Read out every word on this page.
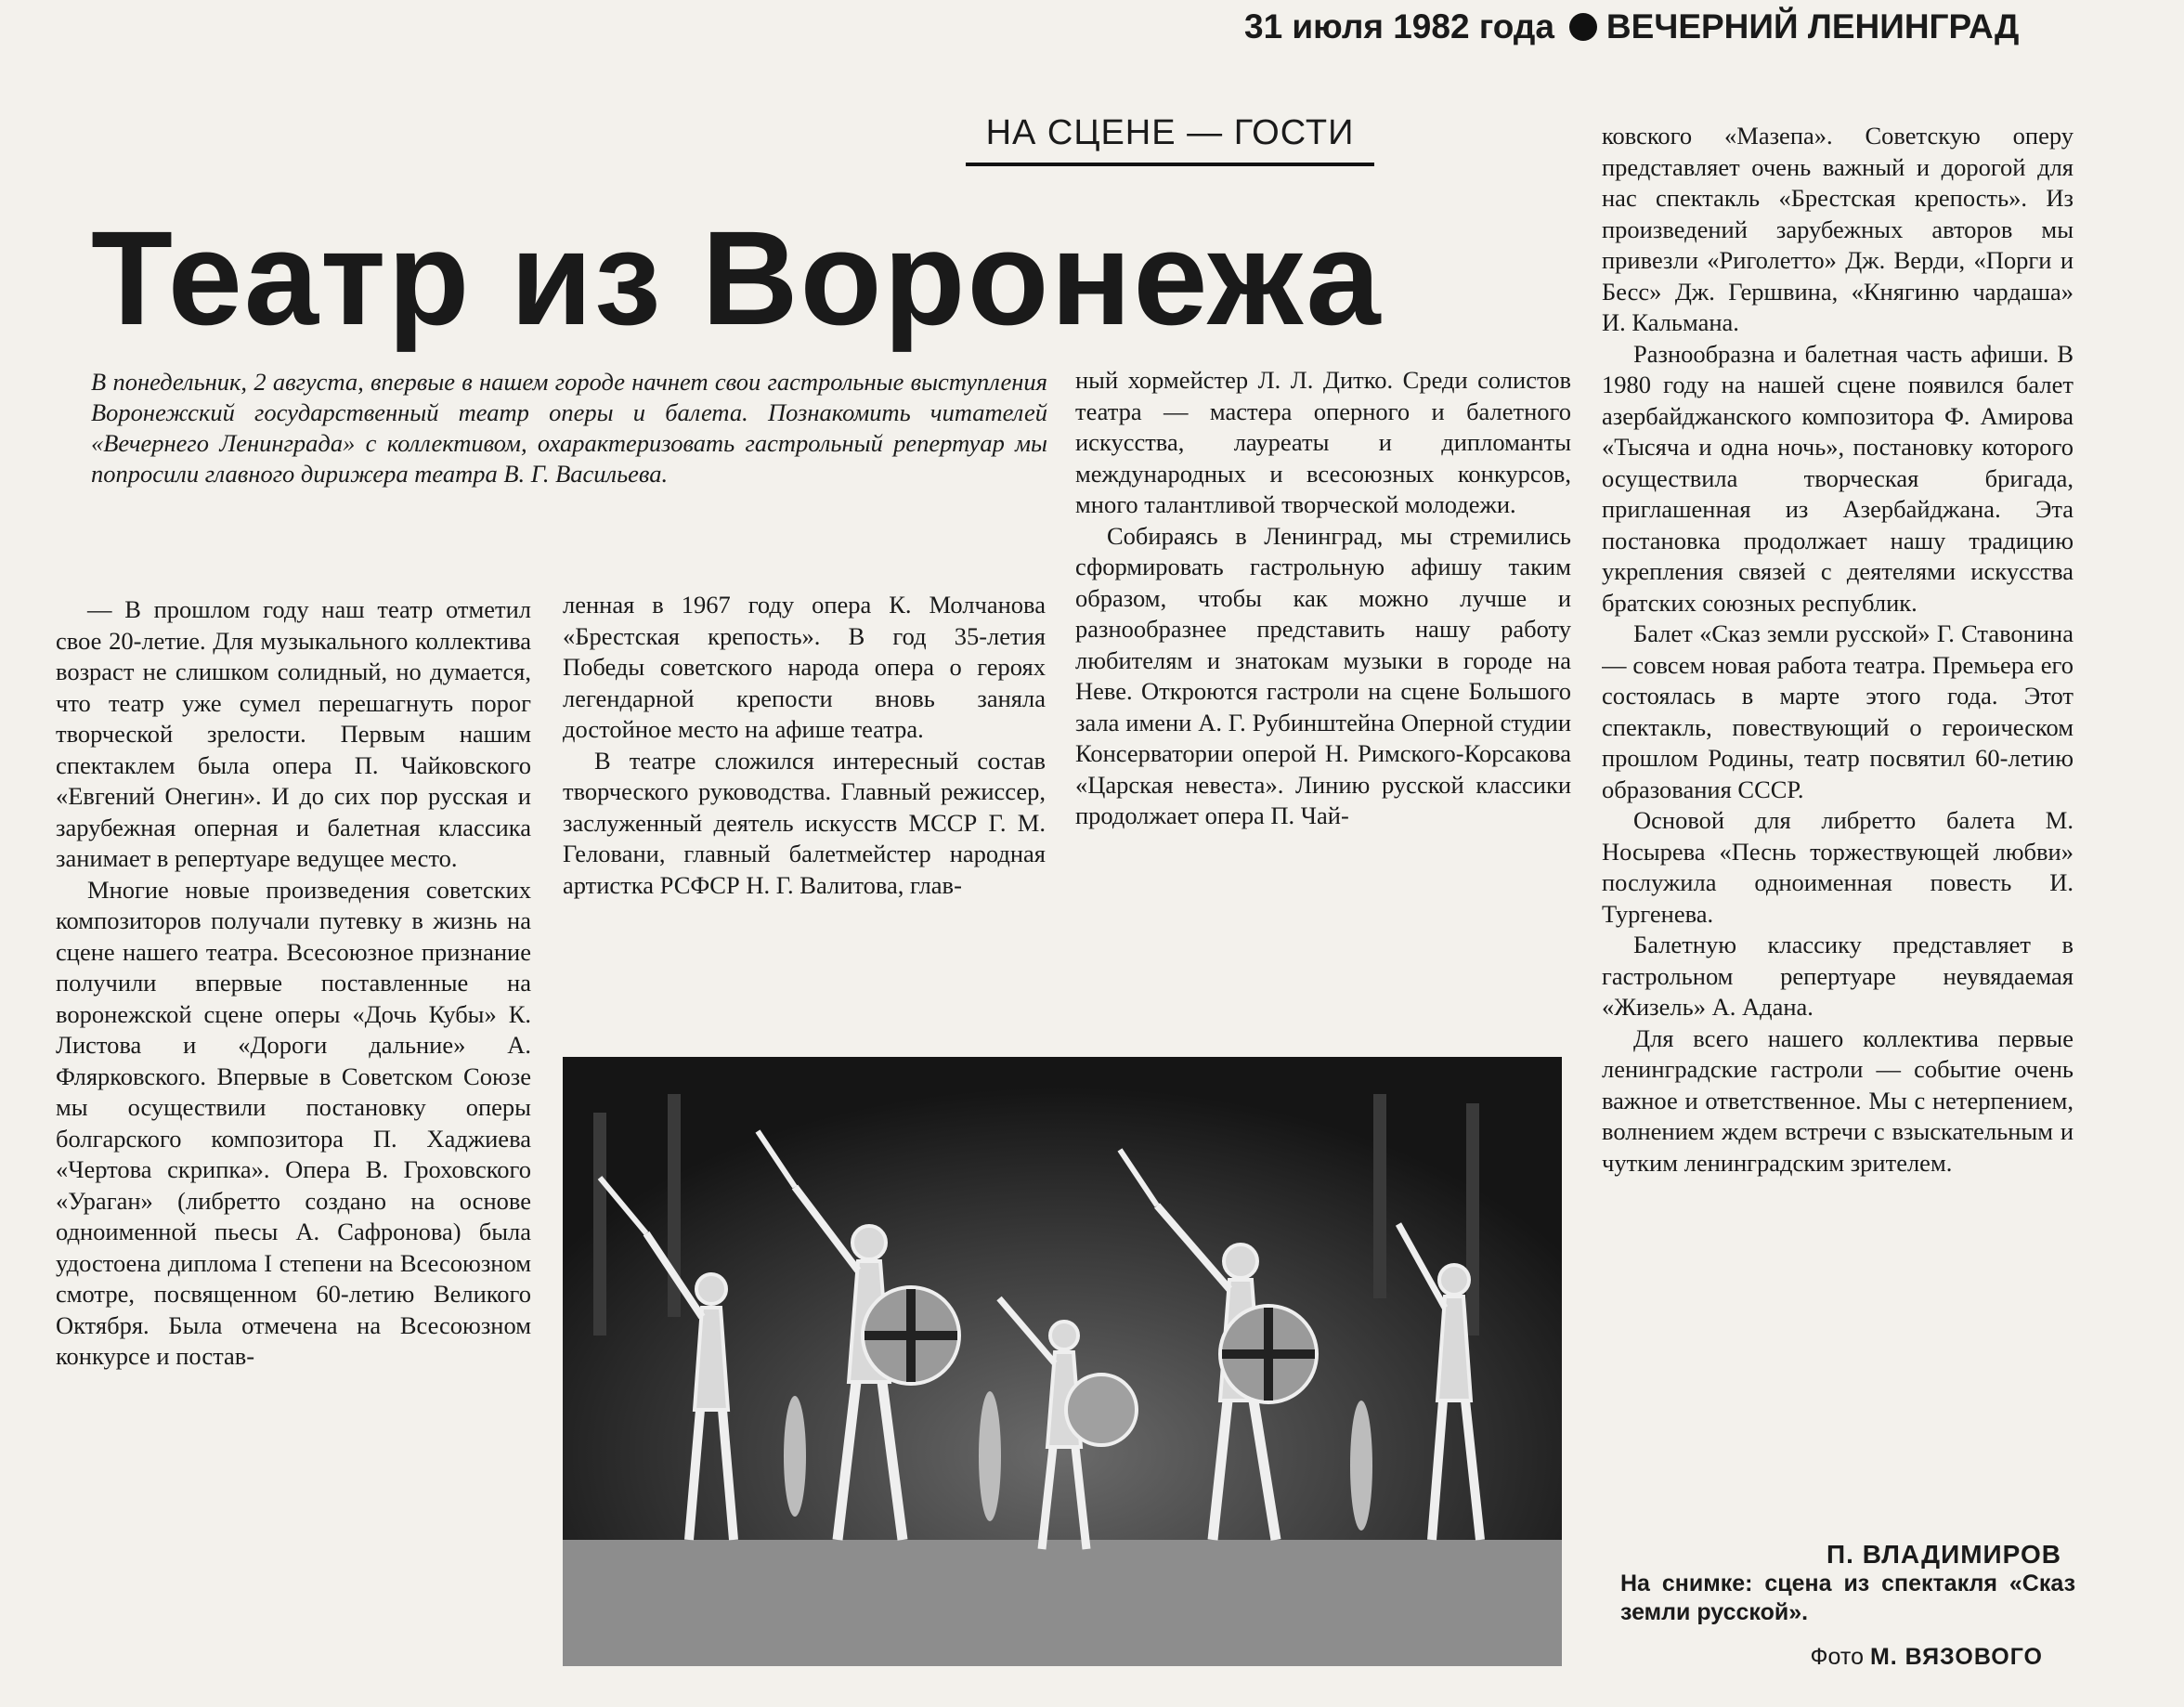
31 июля 1982 года ВЕЧЕРНИЙ ЛЕНИНГРАД
НА СЦЕНЕ — ГОСТИ
Театр из Воронежа
В понедельник, 2 августа, впервые в нашем городе начнет свои гастрольные выступления Воронежский государственный театр оперы и балета. Познакомить читателей «Вечернего Ленинграда» с коллективом, охарактеризовать гастрольный репертуар мы попросили главного дирижера театра В. Г. Васильева.

— В прошлом году наш театр отметил свое 20-летие. Для музыкального коллектива возраст не слишком солидный, но думается, что театр уже сумел перешагнуть порог творческой зрелости. Первым нашим спектаклем была опера П. Чайковского «Евгений Онегин». И до сих пор русская и зарубежная оперная и балетная классика занимает в репертуаре ведущее место.

Многие новые произведения советских композиторов получали путевку в жизнь на сцене нашего театра. Всесоюзное признание получили впервые поставленные на воронежской сцене оперы «Дочь Кубы» К. Листова и «Дороги дальние» А. Флярковского. Впервые в Советском Союзе мы осуществили постановку оперы болгарского композитора П. Хаджиева «Чертова скрипка». Опера В. Гроховского «Ураган» (либретто создано на основе одноименной пьесы А. Сафронова) была удостоена диплома I степени на Всесоюзном смотре, посвященном 60-летию Великого Октября. Была отмечена на Всесоюзном конкурсе и постав-

ленная в 1967 году опера К. Молчанова «Брестская крепость». В год 35-летия Победы советского народа опера о героях легендарной крепости вновь заняла достойное место на афише театра.

В театре сложился интересный состав творческого руководства. Главный режиссер, заслуженный деятель искусств МССР Г. М. Геловани, главный балетмейстер народная артистка РСФСР Н. Г. Валитова, глав-

ный хормейстер Л. Л. Дитко. Среди солистов театра — мастера оперного и балетного искусства, лауреаты и дипломанты международных и всесоюзных конкурсов, много талантливой творческой молодежи.

Собираясь в Ленинград, мы стремились сформировать гастрольную афишу таким образом, чтобы как можно лучше и разнообразнее представить нашу работу любителям и знатокам музыки в городе на Неве. Откроются гастроли на сцене Большого зала имени А. Г. Рубинштейна Оперной студии Консерватории оперой Н. Римского-Корсакова «Царская невеста». Линию русской классики продолжает опера П. Чай-

ковского «Мазепа». Советскую оперу представляет очень важный и дорогой для нас спектакль «Брестская крепость». Из произведений зарубежных авторов мы привезли «Риголетто» Дж. Верди, «Порги и Бесс» Дж. Гершвина, «Княгиню чардаша» И. Кальмана.

Разнообразна и балетная часть афиши. В 1980 году на нашей сцене появился балет азербайджанского композитора Ф. Амирова «Тысяча и одна ночь», постановку которого осуществила творческая бригада, приглашенная из Азербайджана. Эта постановка продолжает нашу традицию укрепления связей с деятелями искусства братских союзных республик.

Балет «Сказ земли русской» Г. Ставонина — совсем новая работа театра. Премьера его состоялась в марте этого года. Этот спектакль, повествующий о героическом прошлом Родины, театр посвятил 60-летию образования СССР.

Основой для либретто балета М. Носырева «Песнь торжествующей любви» послужила одноименная повесть И. Тургенева.

Балетную классику представляет в гастрольном репертуаре неувядаемая «Жизель» А. Адана.

Для всего нашего коллектива первые ленинградские гастроли — событие очень важное и ответственное. Мы с нетерпением, волнением ждем встречи с взыскательным и чутким ленинградским зрителем.

П. ВЛАДИМИРОВ
На снимке: сцена из спектакля «Сказ земли русской».
Фото М. ВЯЗОВОГО
